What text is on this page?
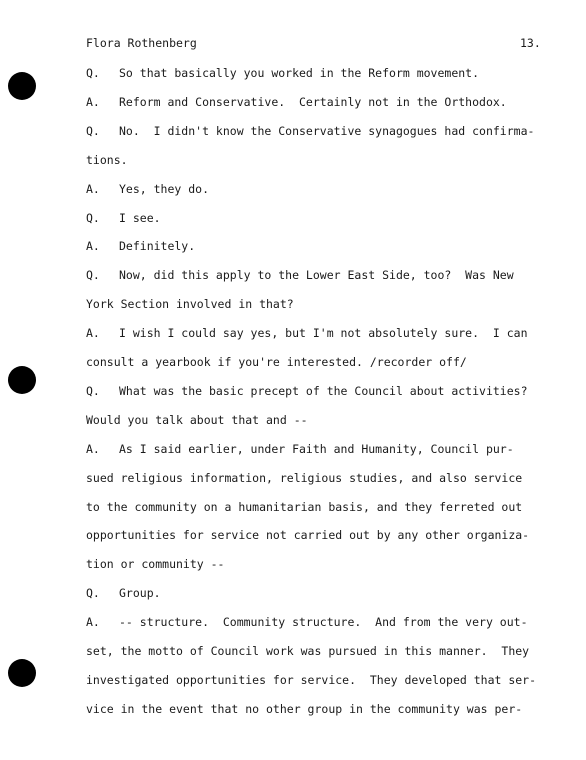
Flora Rothenberg	13.
Q. So that basically you worked in the Reform movement.
A. Reform and Conservative.  Certainly not in the Orthodox.
Q. No.  I didn't know the Conservative synagogues had confirma-
tions.
A. Yes, they do.
Q. I see.
A. Definitely.
Q. Now, did this apply to the Lower East Side, too?  Was New
York Section involved in that?
A. I wish I could say yes, but I'm not absolutely sure.  I can
consult a yearbook if you're interested. /recorder off/
Q. What was the basic precept of the Council about activities?
Would you talk about that and --
A. As I said earlier, under Faith and Humanity, Council pur-
sued religious information, religious studies, and also service
to the community on a humanitarian basis, and they ferreted out
opportunities for service not carried out by any other organiza-
tion or community --
Q. Group.
A. -- structure.  Community structure.  And from the very out-
set, the motto of Council work was pursued in this manner.  They
investigated opportunities for service.  They developed that ser-
vice in the event that no other group in the community was per-
